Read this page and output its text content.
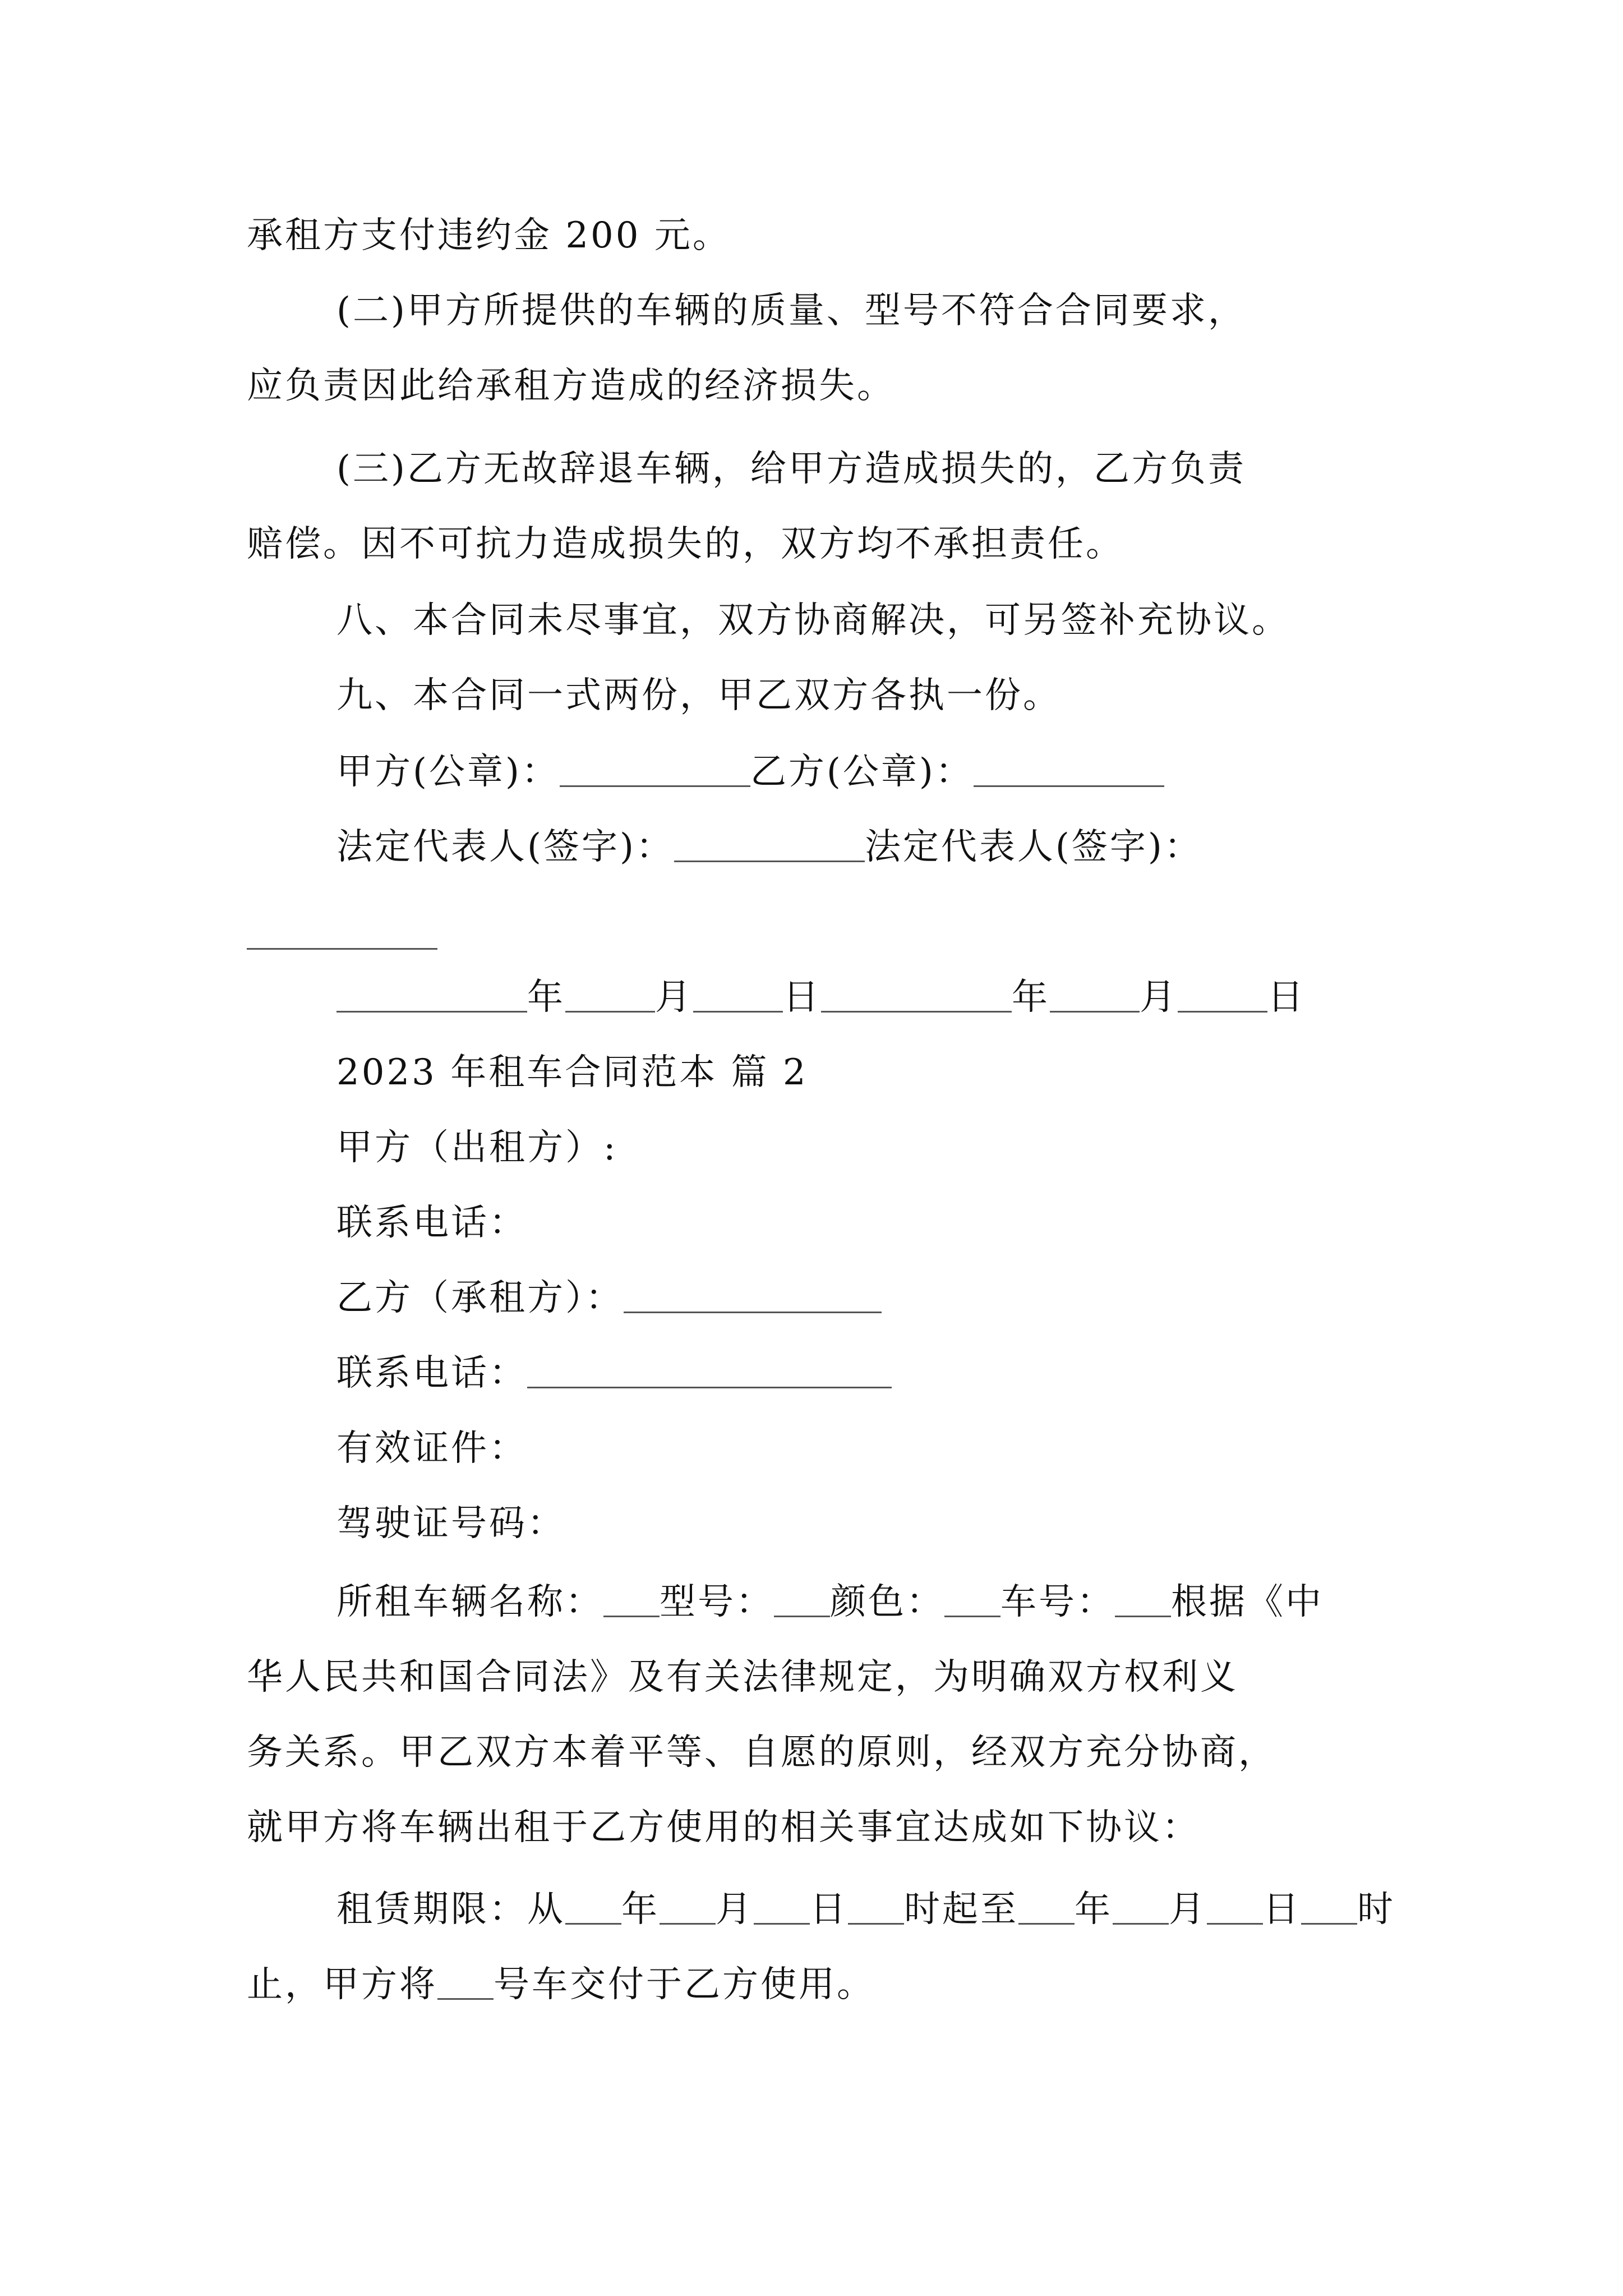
承租方支付违约金 200 元。
(二)甲方所提供的车辆的质量、型号不符合合同要求，
应负责因此给承租方造成的经济损失。
(三)乙方无故辞退车辆，给甲方造成损失的，乙方负责
赔偿。因不可抗力造成损失的，双方均不承担责任。
八、本合同未尽事宜，双方协商解决，可另签补充协议。
九、本合同一式两份，甲乙双方各执一份。
甲方(公章)：	乙方(公章)：
法定代表人(签字)：	法定代表人(签字)：
年	月	日	年	月	日
2023 年租车合同范本 篇 2
甲方（出租方）:
联系电话：
乙方（承租方）：
联系电话：
有效证件：
驾驶证号码：
所租车辆名称： 型号： 颜色： 车号： 根据《中
华人民共和国合同法》及有关法律规定，为明确双方权利义
务关系。甲乙双方本着平等、自愿的原则，经双方充分协商，
就甲方将车辆出租于乙方使用的相关事宜达成如下协议：
租赁期限：从 年 月 日 时起至 年 月 日 时
止，甲方将 号车交付于乙方使用。
